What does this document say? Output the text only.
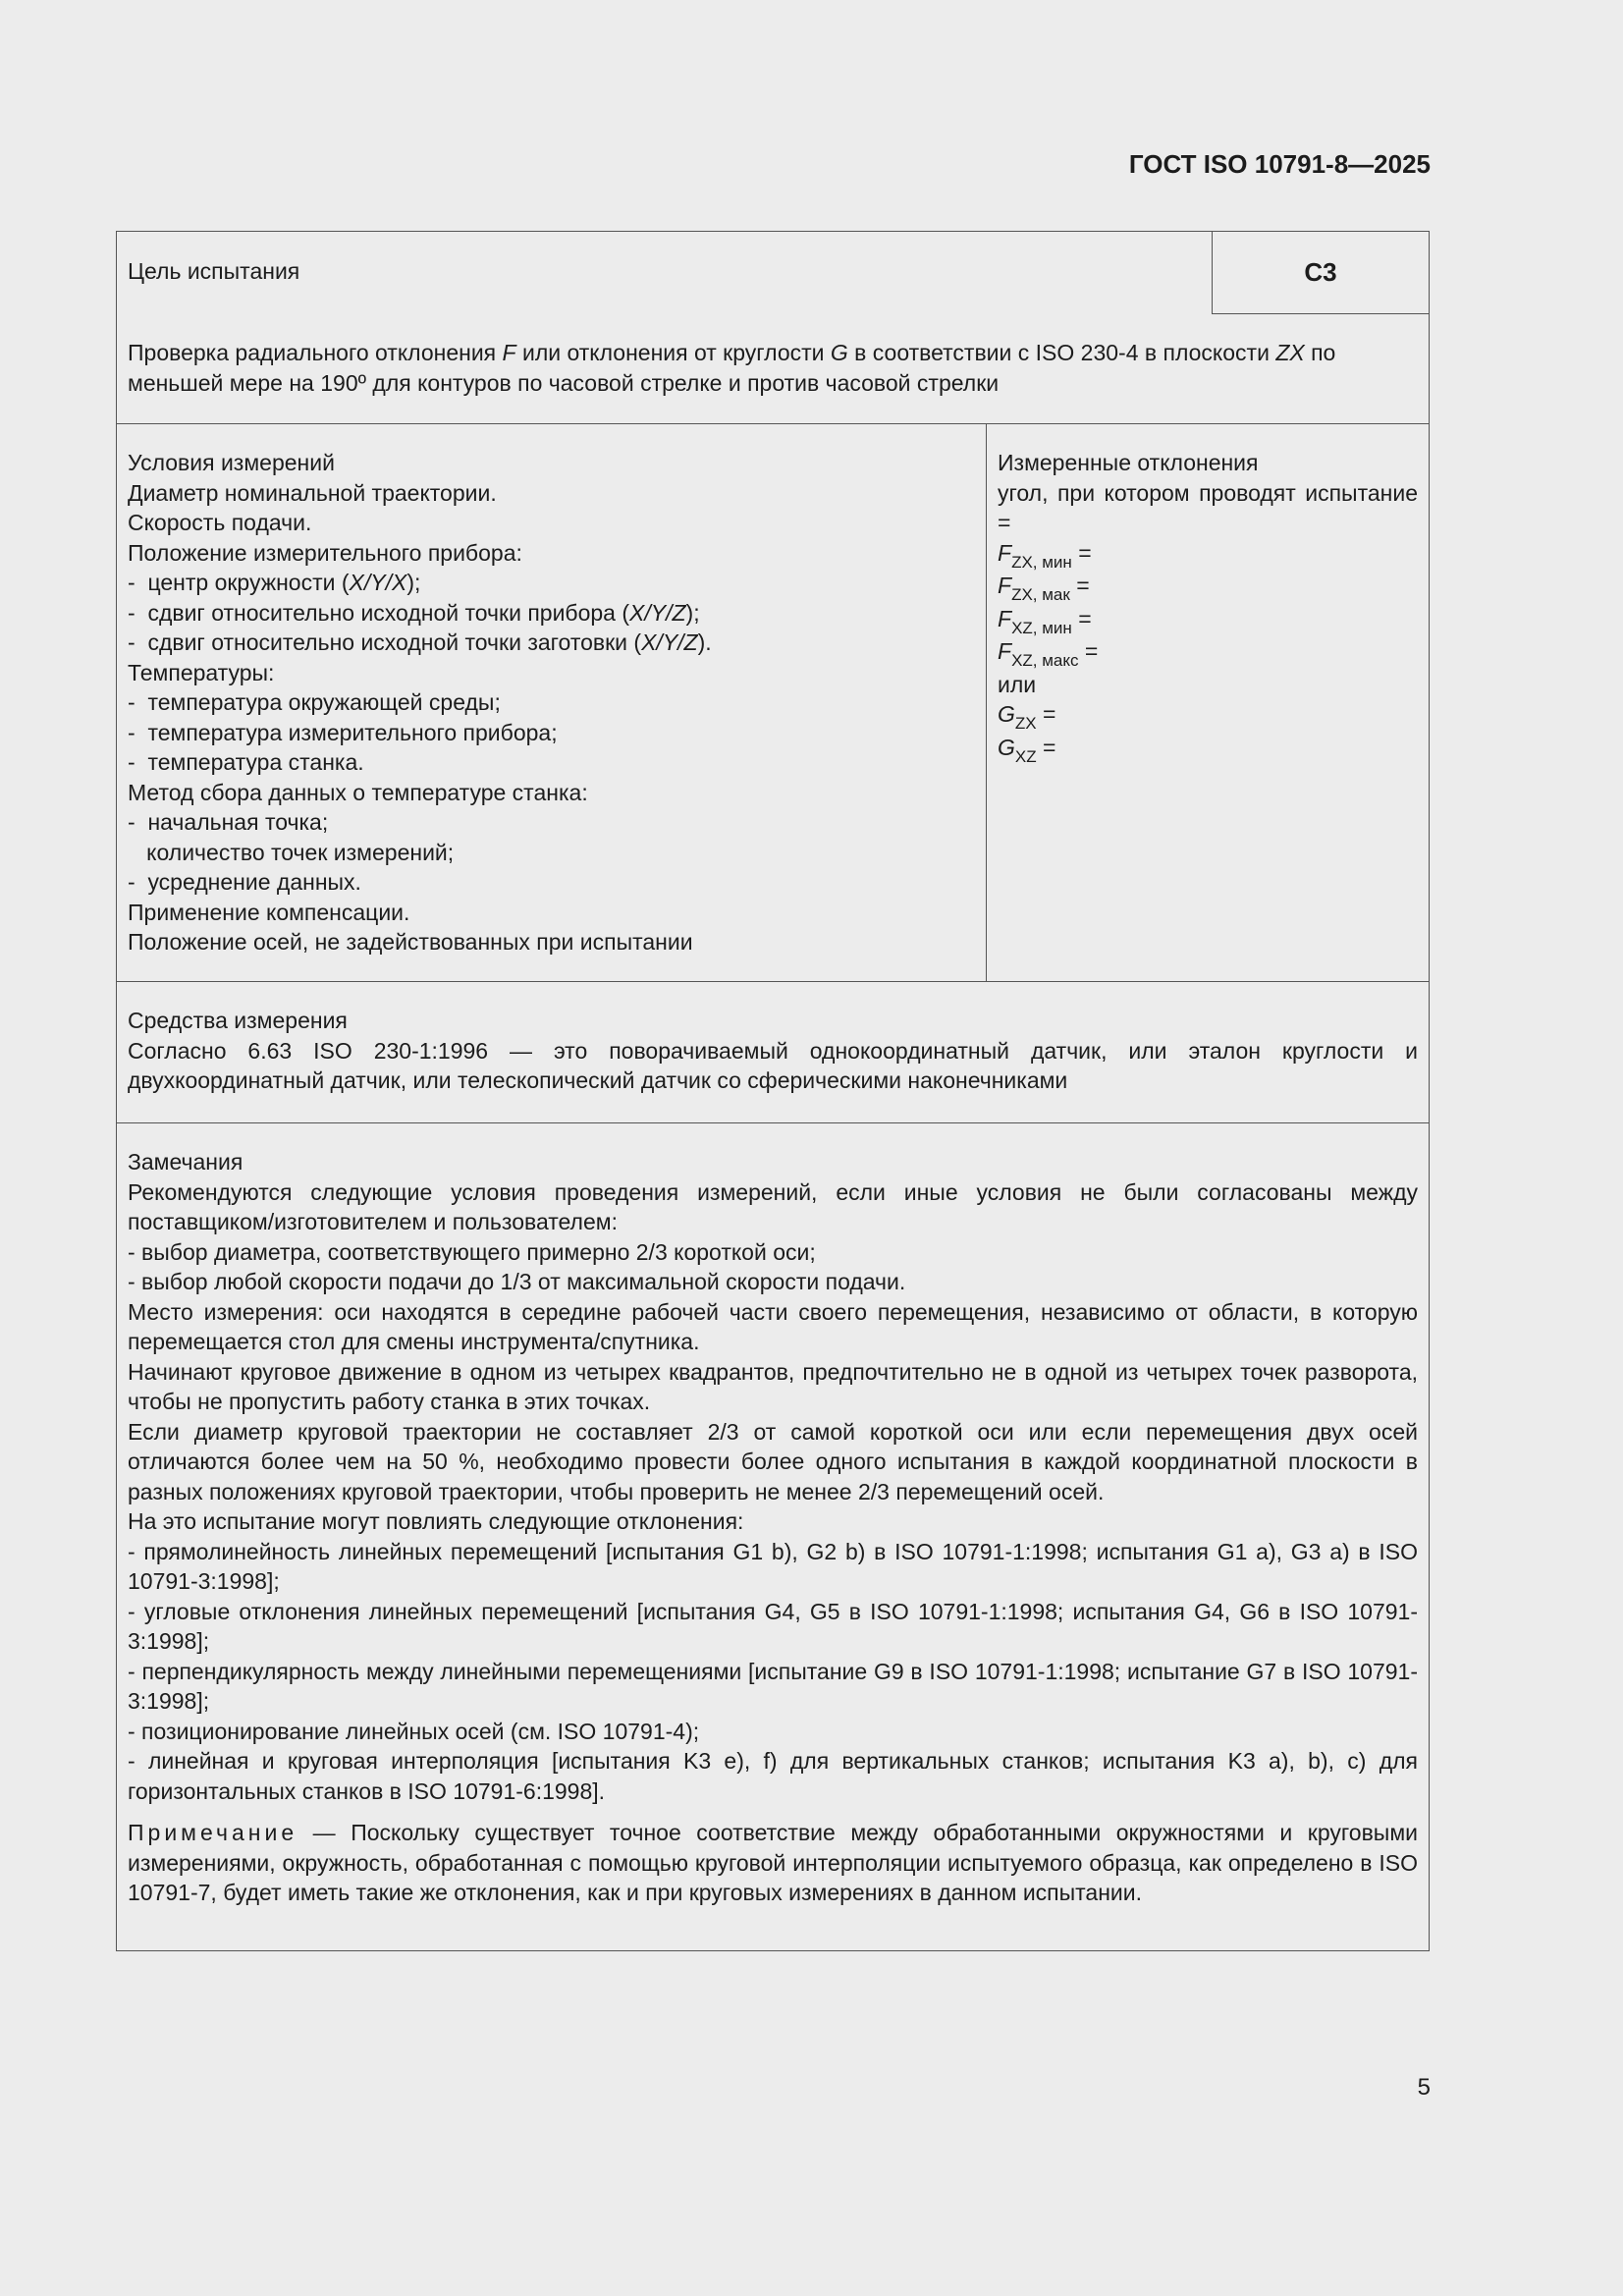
ГОСТ ISO 10791-8—2025
Цель испытания	С3
Проверка радиального отклонения F или отклонения от круглости G в соответствии с ISO 230-4 в плоскости ZX по меньшей мере на 190º для контуров по часовой стрелке и против часовой стрелки
Условия измерений
Диаметр номинальной траектории.
Скорость подачи.
Положение измерительного прибора:
-  центр окружности (X/Y/X);
-  сдвиг относительно исходной точки прибора (X/Y/Z);
-  сдвиг относительно исходной точки заготовки (X/Y/Z).
Температуры:
-  температура окружающей среды;
-  температура измерительного прибора;
-  температура станка.
Метод сбора данных о температуре станка:
-  начальная точка;
количество точек измерений;
-  усреднение данных.
Применение компенсации.
Положение осей, не задействованных при испытании
Измеренные отклонения
угол, при котором проводят испытание =
$F_{ZX, мин}$ =
$F_{ZX, мак}$ =
$F_{XZ, мин}$ =
$F_{XZ, макс}$ =
или
$G_{ZX}$ =
$G_{XZ}$ =
Средства измерения
Согласно 6.63 ISO 230-1:1996 — это поворачиваемый однокоординатный датчик, или эталон круглости и двухкоординатный датчик, или телескопический датчик со сферическими наконечниками
Замечания
Рекомендуются следующие условия проведения измерений, если иные условия не были согласованы между поставщиком/изготовителем и пользователем:
- выбор диаметра, соответствующего примерно 2/3 короткой оси;
- выбор любой скорости подачи до 1/3 от максимальной скорости подачи.
Место измерения: оси находятся в середине рабочей части своего перемещения, независимо от области, в которую перемещается стол для смены инструмента/спутника.
Начинают круговое движение в одном из четырех квадрантов, предпочтительно не в одной из четырех точек разворота, чтобы не пропустить работу станка в этих точках.
Если диаметр круговой траектории не составляет 2/3 от самой короткой оси или если перемещения двух осей отличаются более чем на 50 %, необходимо провести более одного испытания в каждой координатной плоскости в разных положениях круговой траектории, чтобы проверить не менее 2/3 перемещений осей.
На это испытание могут повлиять следующие отклонения:
- прямолинейность линейных перемещений [испытания G1 b), G2 b) в ISO 10791-1:1998; испытания G1 a), G3 a) в ISO 10791-3:1998];
- угловые отклонения линейных перемещений [испытания G4, G5 в ISO 10791-1:1998; испытания G4, G6 в ISO 10791-3:1998];
- перпендикулярность между линейными перемещениями [испытание G9 в ISO 10791-1:1998; испытание G7 в ISO 10791-3:1998];
- позиционирование линейных осей (см. ISO 10791-4);
- линейная и круговая интерполяция [испытания K3 e), f) для вертикальных станков; испытания K3 a), b), c) для горизонтальных станков в ISO 10791-6:1998].
Примечание — Поскольку существует точное соответствие между обработанными окружностями и круговыми измерениями, окружность, обработанная с помощью круговой интерполяции испытуемого образца, как определено в ISO 10791-7, будет иметь такие же отклонения, как и при круговых измерениях в данном испытании.
5
